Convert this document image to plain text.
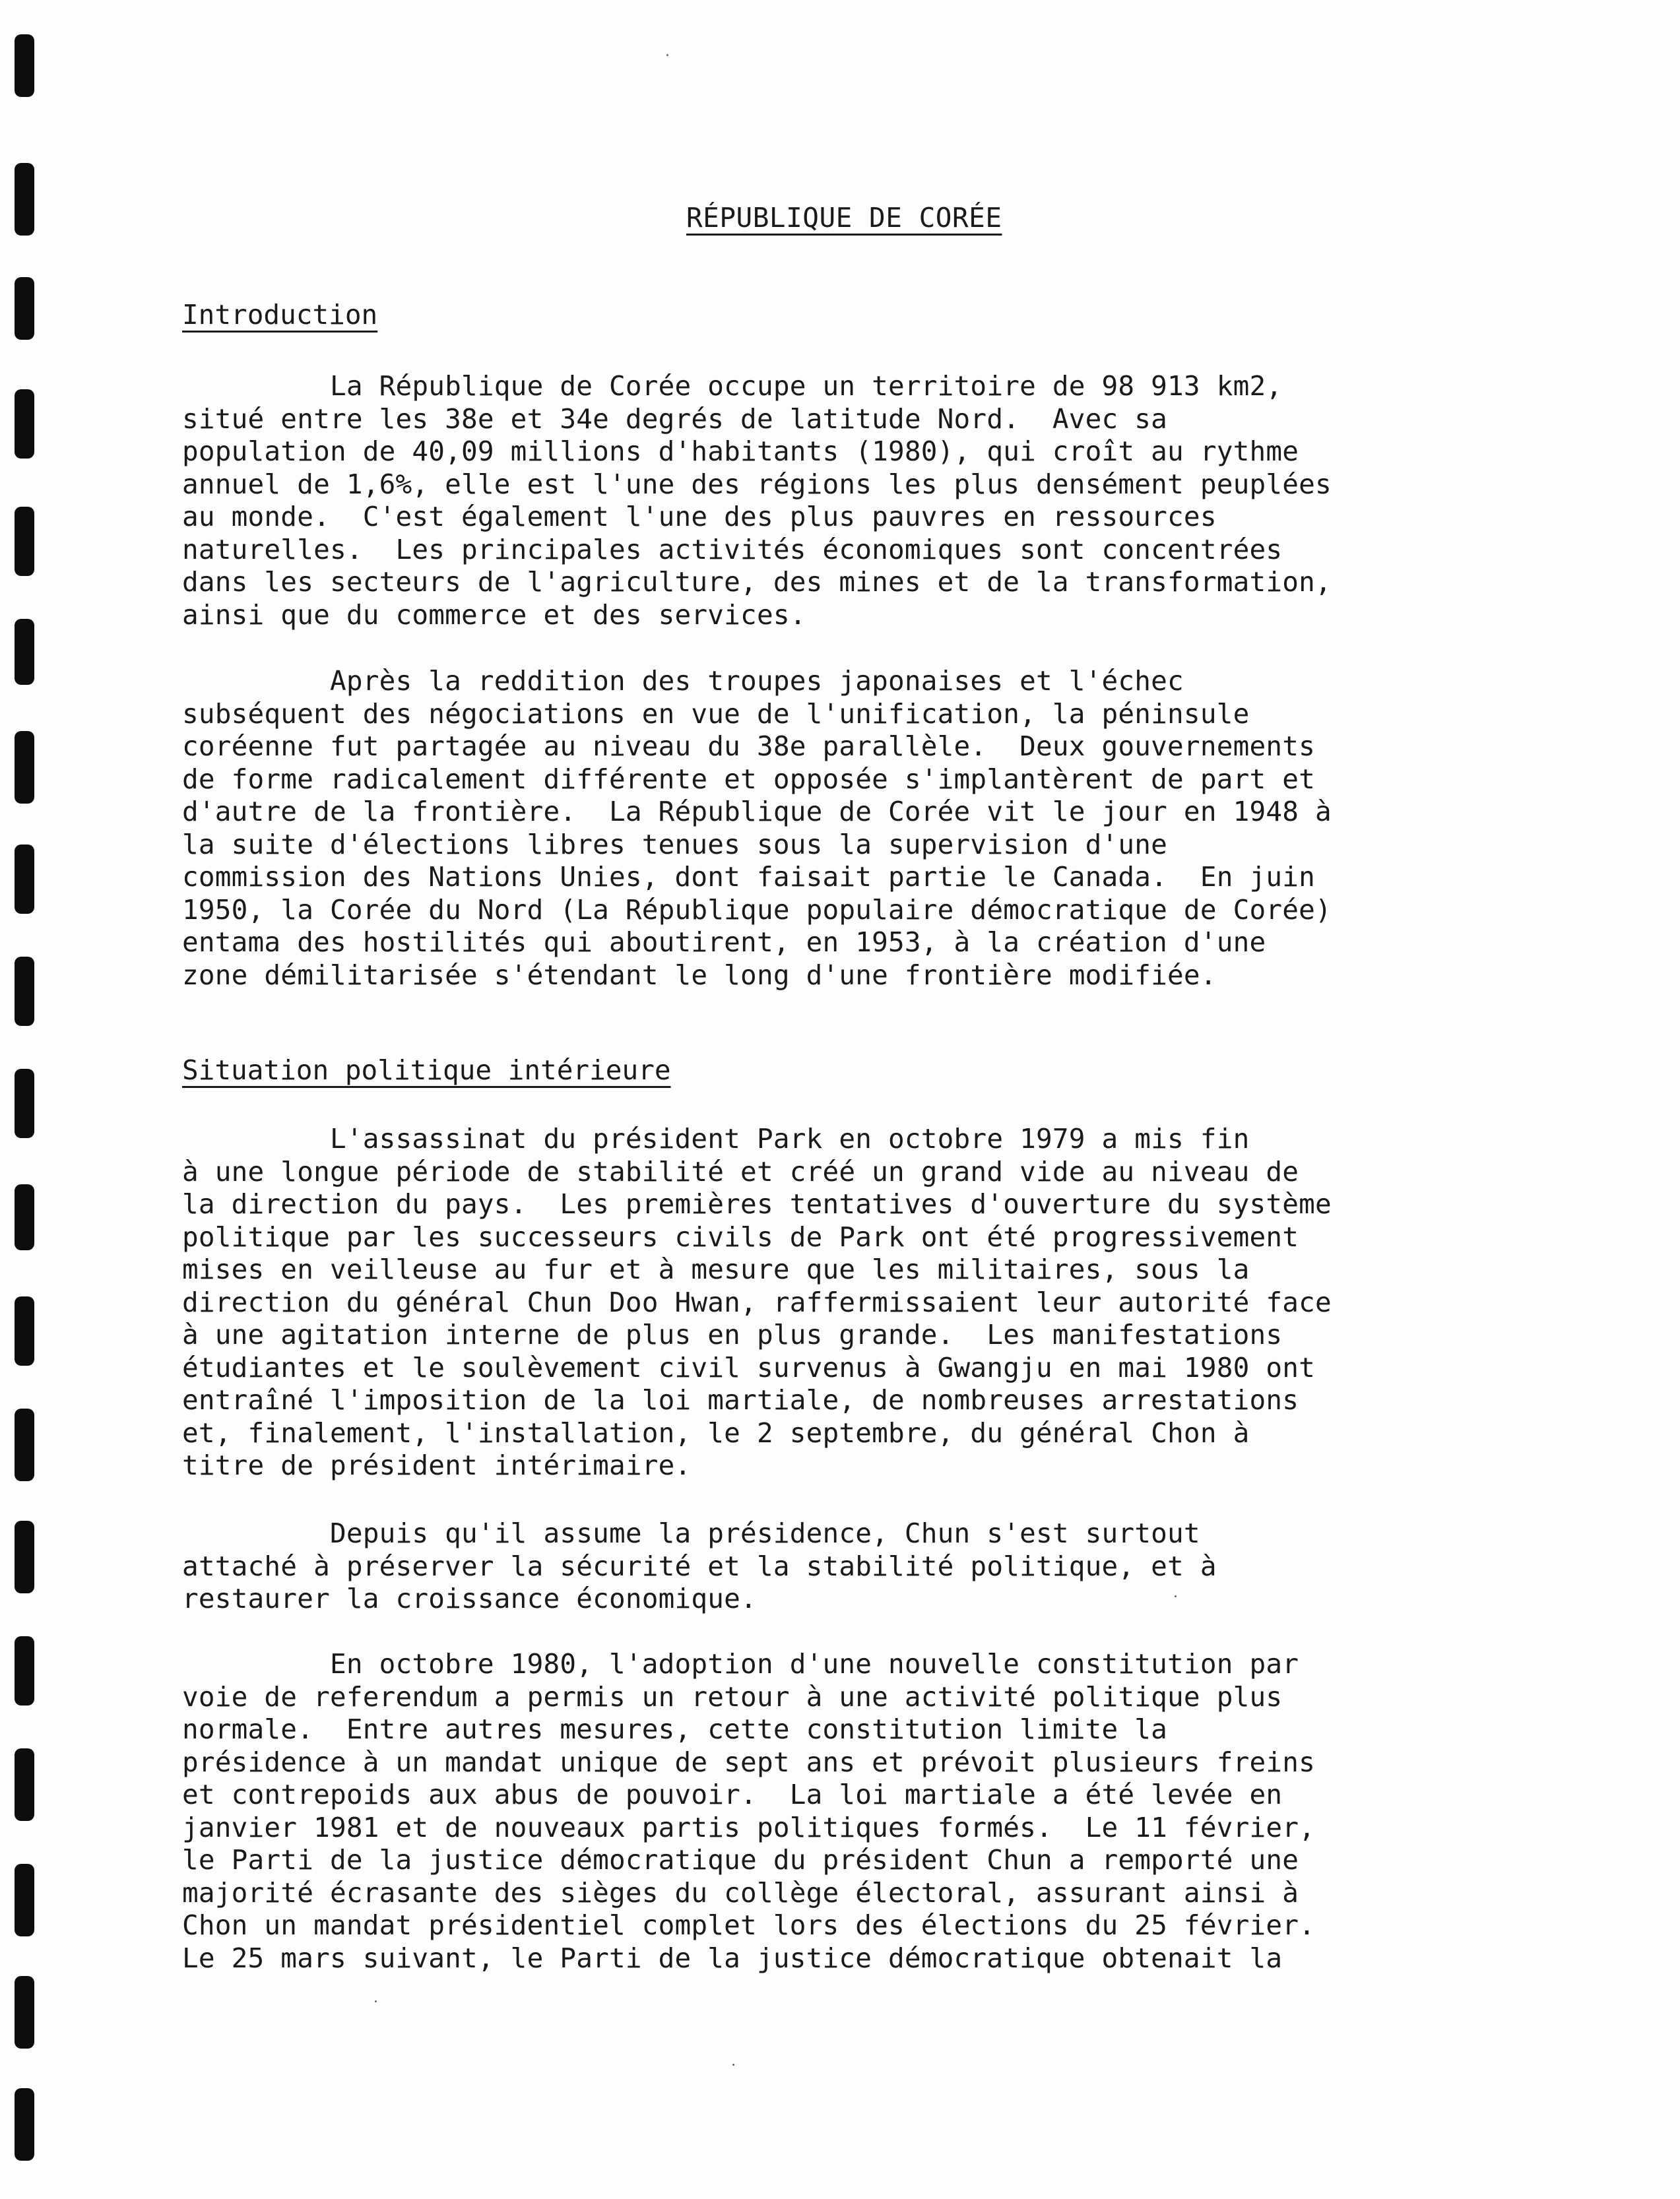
RÉPUBLIQUE DE CORÉE
Introduction
La République de Corée occupe un territoire de 98 913 km2,
situé entre les 38e et 34e degrés de latitude Nord.  Avec sa
population de 40,09 millions d'habitants (1980), qui croît au rythme
annuel de 1,6%, elle est l'une des régions les plus densément peuplées
au monde.  C'est également l'une des plus pauvres en ressources
naturelles.  Les principales activités économiques sont concentrées
dans les secteurs de l'agriculture, des mines et de la transformation,
ainsi que du commerce et des services.
Après la reddition des troupes japonaises et l'échec
subséquent des négociations en vue de l'unification, la péninsule
coréenne fut partagée au niveau du 38e parallèle.  Deux gouvernements
de forme radicalement différente et opposée s'implantèrent de part et
d'autre de la frontière.  La République de Corée vit le jour en 1948 à
la suite d'élections libres tenues sous la supervision d'une
commission des Nations Unies, dont faisait partie le Canada.  En juin
1950, la Corée du Nord (La République populaire démocratique de Corée)
entama des hostilités qui aboutirent, en 1953, à la création d'une
zone démilitarisée s'étendant le long d'une frontière modifiée.
Situation politique intérieure
L'assassinat du président Park en octobre 1979 a mis fin
à une longue période de stabilité et créé un grand vide au niveau de
la direction du pays.  Les premières tentatives d'ouverture du système
politique par les successeurs civils de Park ont été progressivement
mises en veilleuse au fur et à mesure que les militaires, sous la
direction du général Chun Doo Hwan, raffermissaient leur autorité face
à une agitation interne de plus en plus grande.  Les manifestations
étudiantes et le soulèvement civil survenus à Gwangju en mai 1980 ont
entraîné l'imposition de la loi martiale, de nombreuses arrestations
et, finalement, l'installation, le 2 septembre, du général Chon à
titre de président intérimaire.
Depuis qu'il assume la présidence, Chun s'est surtout
attaché à préserver la sécurité et la stabilité politique, et à
restaurer la croissance économique.
En octobre 1980, l'adoption d'une nouvelle constitution par
voie de referendum a permis un retour à une activité politique plus
normale.  Entre autres mesures, cette constitution limite la
présidence à un mandat unique de sept ans et prévoit plusieurs freins
et contrepoids aux abus de pouvoir.  La loi martiale a été levée en
janvier 1981 et de nouveaux partis politiques formés.  Le 11 février,
le Parti de la justice démocratique du président Chun a remporté une
majorité écrasante des sièges du collège électoral, assurant ainsi à
Chon un mandat présidentiel complet lors des élections du 25 février.
Le 25 mars suivant, le Parti de la justice démocratique obtenait la
